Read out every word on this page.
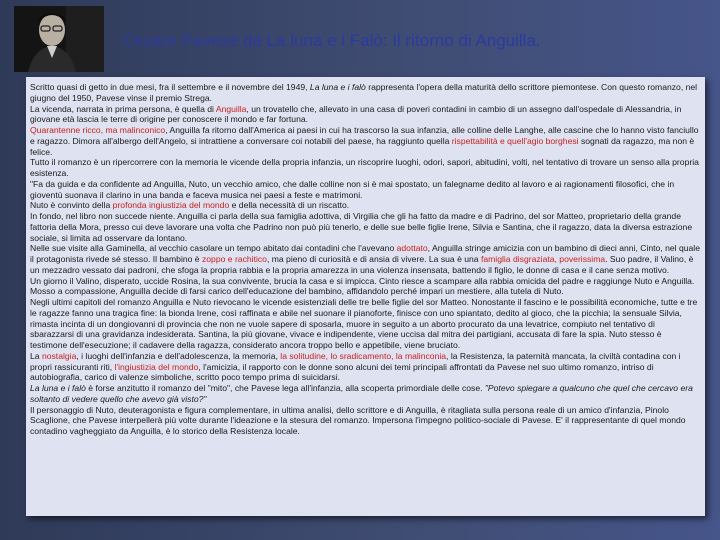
Cesare Pavese da La luna e i Falò: Il ritorno di Anguilla.

Scritto quasi di getto in due mesi, fra il settembre e il novembre del 1949, La luna e i falò rappresenta l'opera della maturità dello scrittore piemontese. Con questo romanzo, nel giugno del 1950, Pavese vinse il premio Strega.

La vicenda, narrata in prima persona, è quella di Anguilla, un trovatello che, allevato in una casa di poveri contadini in cambio di un assegno dall'ospedale di Alessandria, in giovane età lascia le terre di origine per conoscere il mondo e far fortuna.

Quarantenne ricco, ma malinconico, Anguilla fa ritorno dall'America ai paesi in cui ha trascorso la sua infanzia, alle colline delle Langhe, alle cascine che lo hanno visto fanciullo e ragazzo. Dimora all'albergo dell'Angelo, si intrattiene a conversare coi notabili del paese, ha raggiunto quella rispettabilità e quell'agio borghesi sognati da ragazzo, ma non è felice.

Tutto il romanzo è un ripercorrere con la memoria le vicende della propria infanzia, un riscoprire luoghi, odori, sapori, abitudini, volti, nel tentativo di trovare un senso alla propria esistenza.

"Fa da guida e da confidente ad Anguilla, Nuto, un vecchio amico, che dalle colline non si è mai spostato, un falegname dedito al lavoro e ai ragionamenti filosofici, che in gioventù suonava il clarino in una banda e faceva musica nei paesi a feste e matrimoni.

Nuto è convinto della profonda ingiustizia del mondo e della necessità di un riscatto.

In fondo, nel libro non succede niente. Anguilla ci parla della sua famiglia adottiva, di Virgilia che gli ha fatto da madre e di Padrino, del sor Matteo, proprietario della grande fattoria della Mora, presso cui deve lavorare una volta che Padrino non può più tenerlo, e delle sue belle figlie Irene, Silvia e Santina, che il ragazzo, data la diversa estrazione sociale, si limita ad osservare da lontano.

Nelle sue visite alla Gaminella, al vecchio casolare un tempo abitato dai contadini che l'avevano adottato, Anguilla stringe amicizia con un bambino di dieci anni, Cinto, nel quale il protagonista rivede sé stesso. Il bambino è zoppo e rachitico, ma pieno di curiosità e di ansia di vivere. La sua è una famiglia disgraziata, poverissima. Suo padre, il Valino, è un mezzadro vessato dai padroni, che sfoga la propria rabbia e la propria amarezza in una violenza insensata, battendo il figlio, le donne di casa e il cane senza motivo.

Un giorno il Valino, disperato, uccide Rosina, la sua convivente, brucia la casa e si impicca. Cinto riesce a scampare alla rabbia omicida del padre e raggiunge Nuto e Anguilla. Mosso a compassione, Anguilla decide di farsi carico dell'educazione del bambino, affidandolo perché impari un mestiere, alla tutela di Nuto.

Negli ultimi capitoli del romanzo Anguilla e Nuto rievocano le vicende esistenziali delle tre belle figlie del sor Matteo. Nonostante il fascino e le possibilità economiche, tutte e tre le ragazze fanno una tragica fine: la bionda Irene, così raffinata e abile nel suonare il pianoforte, finisce con uno spiantato, dedito al gioco, che la picchia; la sensuale Silvia, rimasta incinta di un dongiovanni di provincia che non ne vuole sapere di sposarla, muore in seguito a un aborto procurato da una levatrice, compiuto nel tentativo di sbarazzarsi di una gravidanza indesiderata. Santina, la più giovane, vivace e indipendente, viene uccisa dal mitra dei partigiani, accusata di fare la spia. Nuto stesso è testimone dell'esecuzione; il cadavere della ragazza, considerato ancora troppo bello e appetibile, viene bruciato.

La nostalgia, i luoghi dell'infanzia e dell'adolescenza, la memoria, la solitudine, lo sradicamento, la malinconia, la Resistenza, la paternità mancata, la civiltà contadina con i propri rassicuranti riti, l'ingiustizia del mondo, l'amicizia, il rapporto con le donne sono alcuni dei temi principali affrontati da Pavese nel suo ultimo romanzo, intriso di autobiografia, carico di valenze simboliche, scritto poco tempo prima di suicidarsi.

La luna e i falò è forse anzitutto il romanzo del "mito", che Pavese lega all'infanzia, alla scoperta primordiale delle cose. "Potevo spiegare a qualcuno che quel che cercavo era soltanto di vedere quello che avevo già visto?"

Il personaggio di Nuto, deuteragonista e figura complementare, in ultima analisi, dello scrittore e di Anguilla, è ritagliata sulla persona reale di un amico d'infanzia, Pinolo Scaglione, che Pavese interpellerà più volte durante l'ideazione e la stesura del romanzo. Impersona l'impegno politico-sociale di Pavese. E' il rappresentante di quel mondo contadino vagheggiato da Anguilla, è lo storico della Resistenza locale.
